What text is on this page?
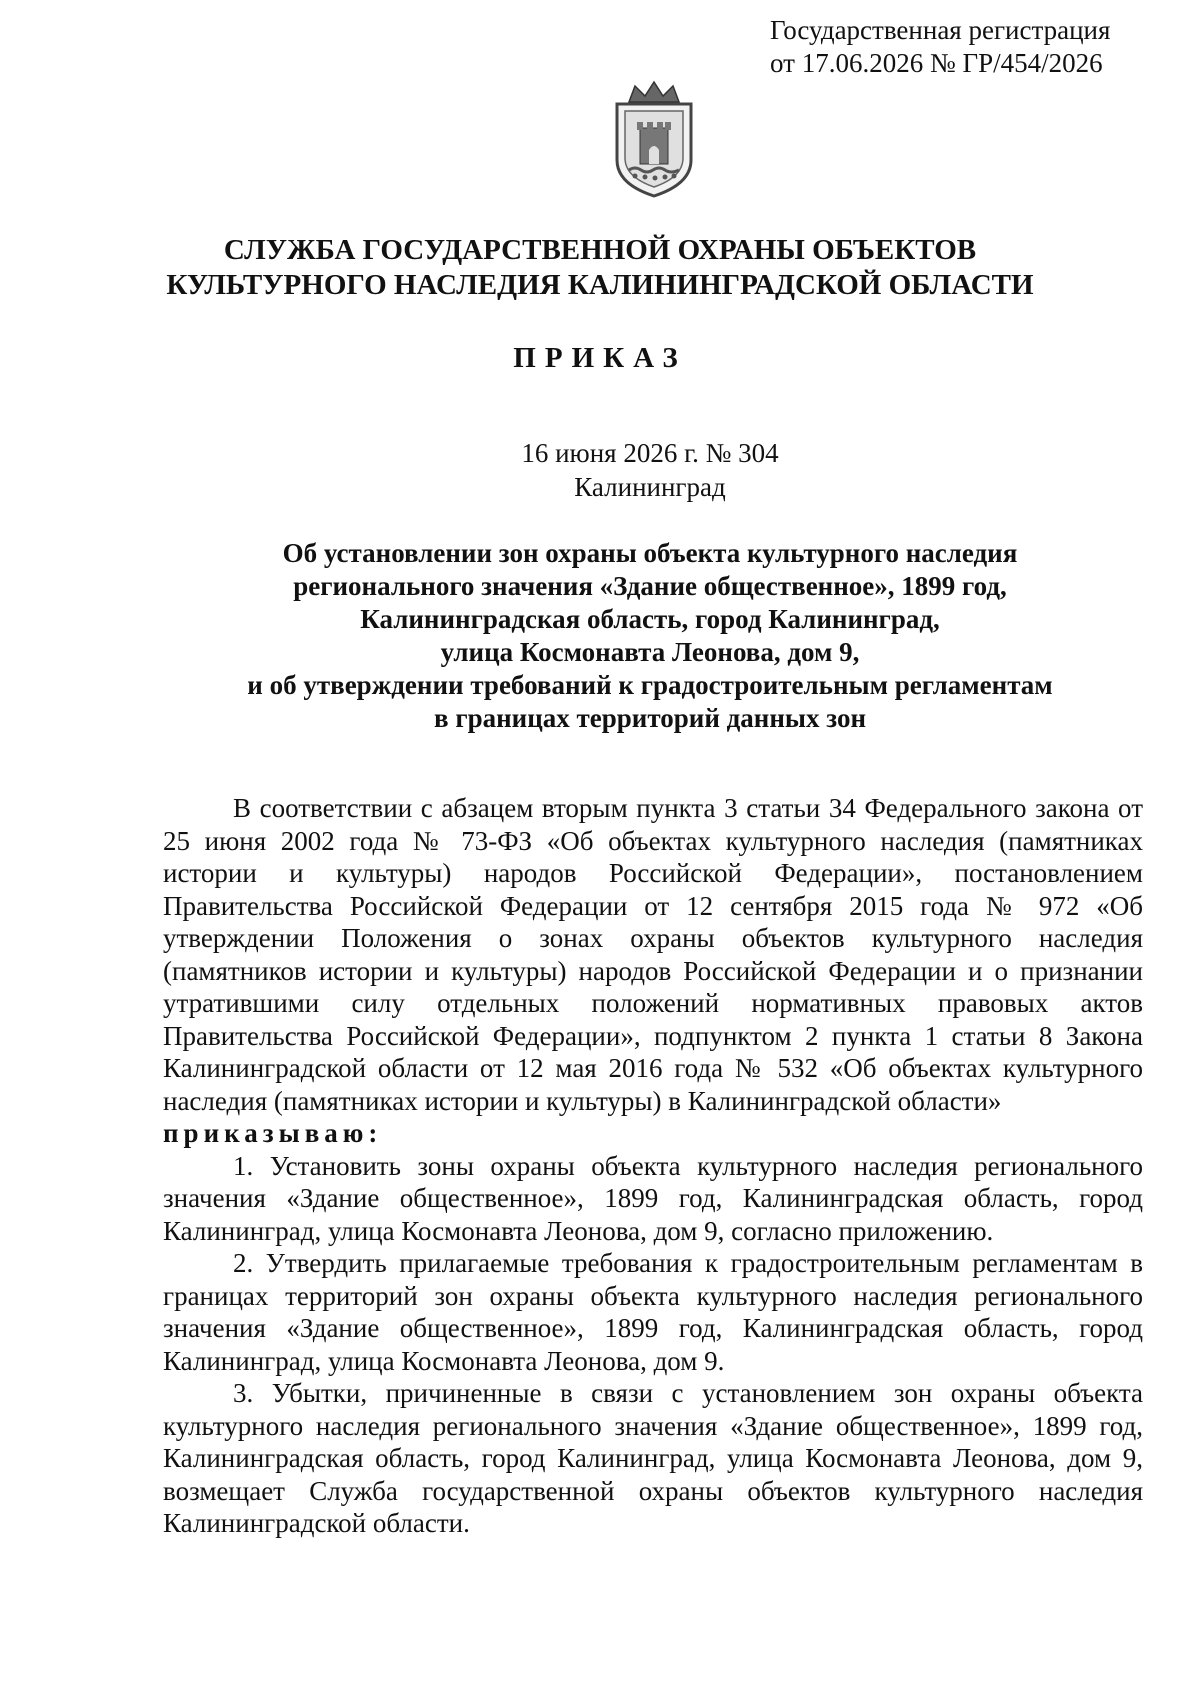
Государственная регистрация
от 17.06.2026 № ГР/454/2026
СЛУЖБА ГОСУДАРСТВЕННОЙ ОХРАНЫ ОБЪЕКТОВ
КУЛЬТУРНОГО НАСЛЕДИЯ КАЛИНИНГРАДСКОЙ ОБЛАСТИ
ПРИКАЗ
16 июня 2026 г. № 304
Калининград
Об установлении зон охраны объекта культурного наследия
регионального значения «Здание общественное», 1899 год,
Калининградская область, город Калининград,
улица Космонавта Леонова, дом 9,
и об утверждении требований к градостроительным регламентам
в границах территорий данных зон

В соответствии с абзацем вторым пункта 3 статьи 34 Федерального закона от 25 июня 2002 года № 73-ФЗ «Об объектах культурного наследия (памятниках истории и культуры) народов Российской Федерации», постановлением Правительства Российской Федерации от 12 сентября 2015 года № 972 «Об утверждении Положения о зонах охраны объектов культурного наследия (памятников истории и культуры) народов Российской Федерации и о признании утратившими силу отдельных положений нормативных правовых актов Правительства Российской Федерации», подпунктом 2 пункта 1 статьи 8 Закона Калининградской области от 12 мая 2016 года № 532 «Об объектах культурного наследия (памятниках истории и культуры) в Калининградской области»

приказываю:

1. Установить зоны охраны объекта культурного наследия регионального значения «Здание общественное», 1899 год, Калининградская область, город Калининград, улица Космонавта Леонова, дом 9, согласно приложению.

2. Утвердить прилагаемые требования к градостроительным регламентам в границах территорий зон охраны объекта культурного наследия регионального значения «Здание общественное», 1899 год, Калининградская область, город Калининград, улица Космонавта Леонова, дом 9.

3. Убытки, причиненные в связи с установлением зон охраны объекта культурного наследия регионального значения «Здание общественное», 1899 год, Калининградская область, город Калининград, улица Космонавта Леонова, дом 9, возмещает Служба государственной охраны объектов культурного наследия Калининградской области.
